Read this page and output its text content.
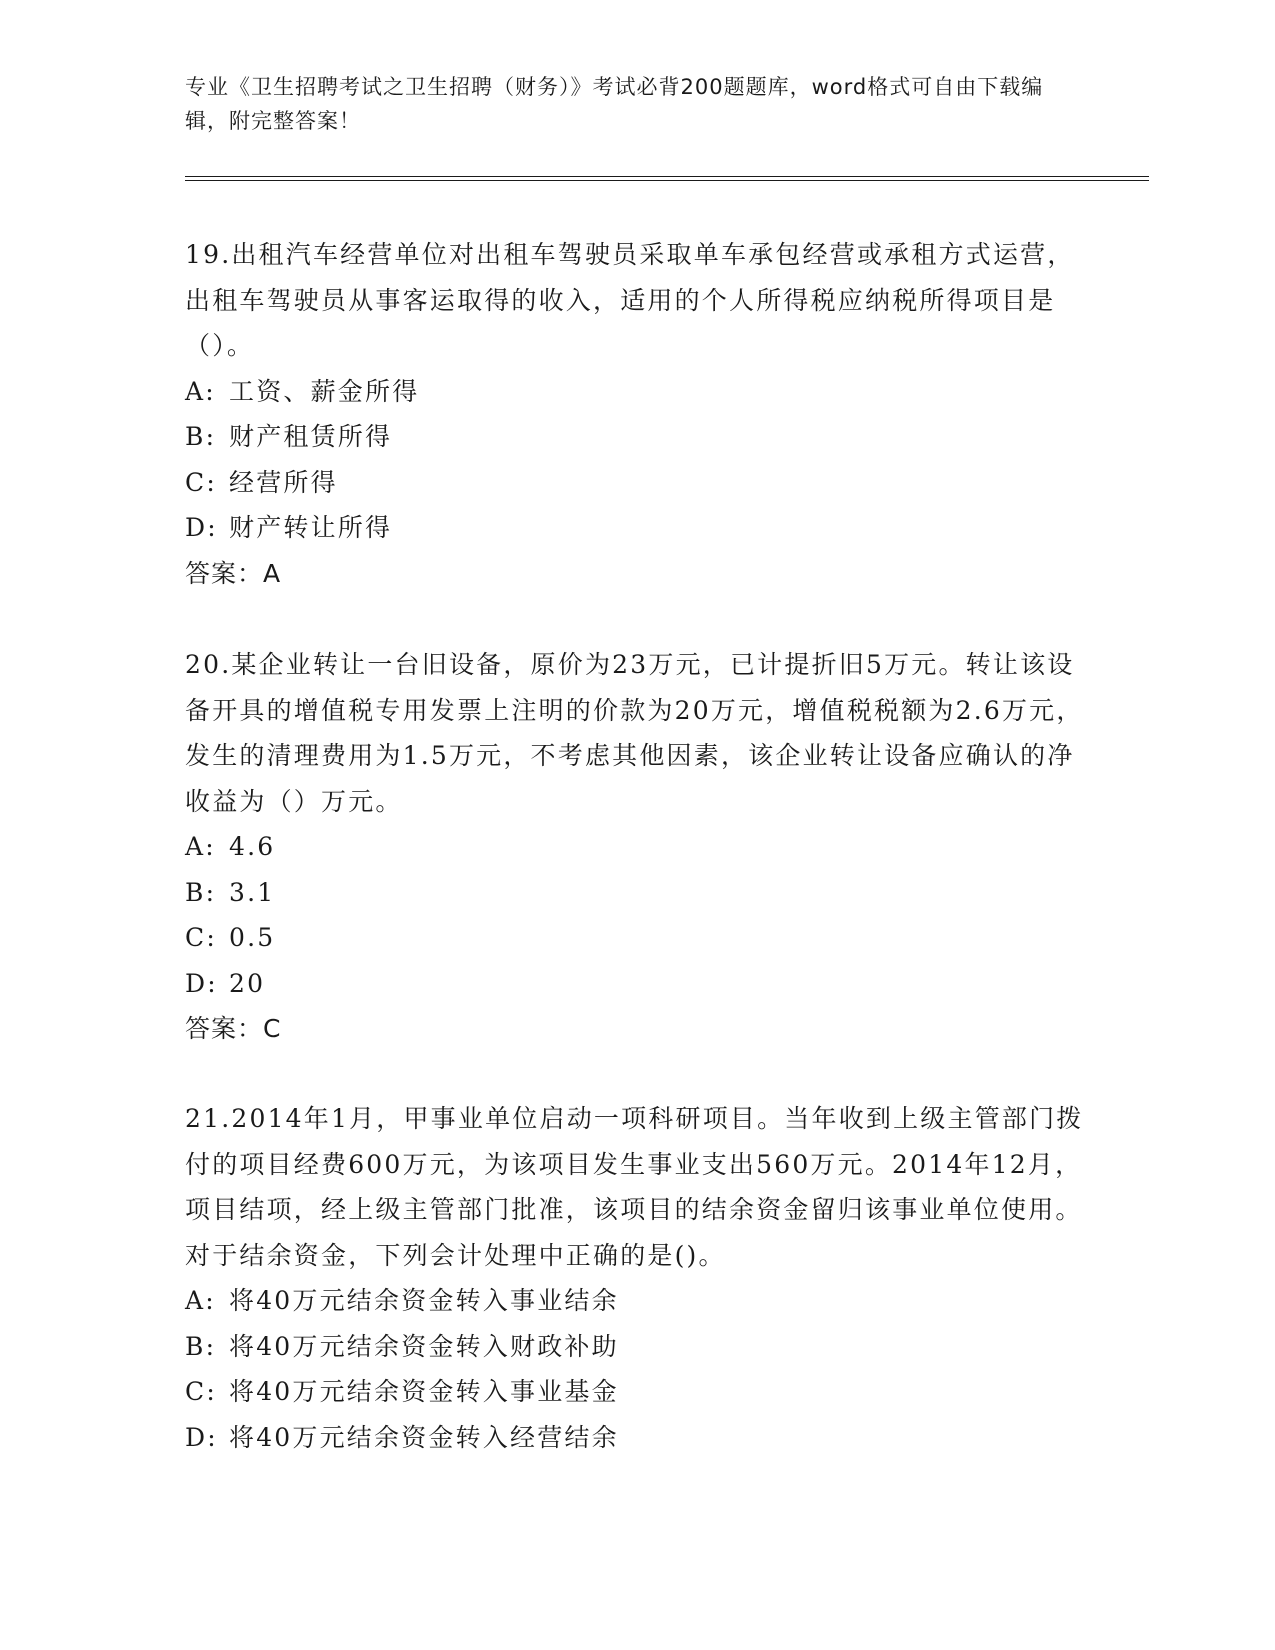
专业《卫生招聘考试之卫生招聘（财务）》考试必背200题题库，word格式可自由下载编辑，附完整答案！

19.出租汽车经营单位对出租车驾驶员采取单车承包经营或承租方式运营，出租车驾驶员从事客运取得的收入，适用的个人所得税应纳税所得项目是（）。

A: 工资、薪金所得

B: 财产租赁所得

C: 经营所得

D: 财产转让所得

答案：A

20.某企业转让一台旧设备，原价为23万元，已计提折旧5万元。转让该设备开具的增值税专用发票上注明的价款为20万元，增值税税额为2.6万元，发生的清理费用为1.5万元，不考虑其他因素，该企业转让设备应确认的净收益为（）万元。

A: 4.6

B: 3.1

C: 0.5

D: 20

答案：C

21.2014年1月，甲事业单位启动一项科研项目。当年收到上级主管部门拨付的项目经费600万元，为该项目发生事业支出560万元。2014年12月，项目结项，经上级主管部门批准，该项目的结余资金留归该事业单位使用。对于结余资金，下列会计处理中正确的是()。

A: 将40万元结余资金转入事业结余

B: 将40万元结余资金转入财政补助

C: 将40万元结余资金转入事业基金

D: 将40万元结余资金转入经营结余
